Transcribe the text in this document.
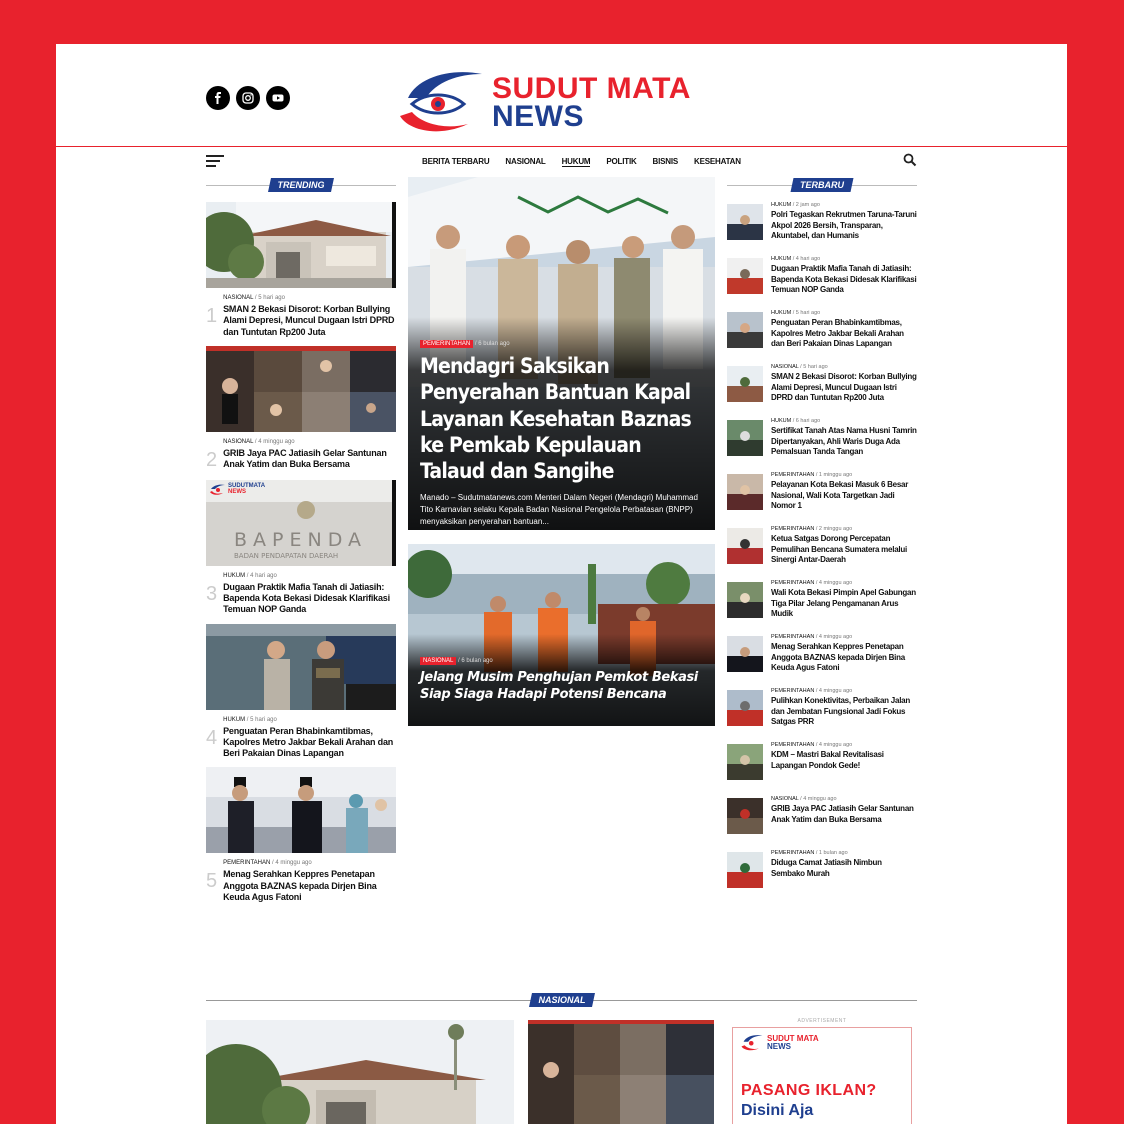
SUDUT MATA
NEWS
BERITA TERBARU NASIONAL HUKUM POLITIK BISNIS KESEHATAN
TRENDING
1
NASIONAL / 5 hari ago
SMAN 2 Bekasi Disorot: Korban Bullying Alami Depresi, Muncul Dugaan Istri DPRD dan Tuntutan Rp200 Juta
2
NASIONAL / 4 minggu ago
GRIB Jaya PAC Jatiasih Gelar Santunan Anak Yatim dan Buka Bersama
BAPENDA
BADAN PENDAPATAN DAERAH
SUDUTMATA
NEWS
3
HUKUM / 4 hari ago
Dugaan Praktik Mafia Tanah di Jatiasih: Bapenda Kota Bekasi Didesak Klarifikasi Temuan NOP Ganda
4
HUKUM / 5 hari ago
Penguatan Peran Bhabinkamtibmas, Kapolres Metro Jakbar Bekali Arahan dan Beri Pakaian Dinas Lapangan
5
PEMERINTAHAN / 4 minggu ago
Menag Serahkan Keppres Penetapan Anggota BAZNAS kepada Dirjen Bina Keuda Agus Fatoni
PEMERINTAHAN / 6 bulan ago
Mendagri Saksikan Penyerahan Bantuan Kapal Layanan Kesehatan Baznas ke Pemkab Kepulauan Talaud dan Sangihe
Manado – Sudutmatanews.com Menteri Dalam Negeri (Mendagri) Muhammad Tito Karnavian selaku Kepala Badan Nasional Pengelola Perbatasan (BNPP) menyaksikan penyerahan bantuan...
NASIONAL / 6 bulan ago
Jelang Musim Penghujan Pemkot Bekasi Siap Siaga Hadapi Potensi Bencana
TERBARU
HUKUM / 2 jam ago
Polri Tegaskan Rekrutmen Taruna-Taruni Akpol 2026 Bersih, Transparan, Akuntabel, dan Humanis
HUKUM / 4 hari ago
Dugaan Praktik Mafia Tanah di Jatiasih: Bapenda Kota Bekasi Didesak Klarifikasi Temuan NOP Ganda
HUKUM / 5 hari ago
Penguatan Peran Bhabinkamtibmas, Kapolres Metro Jakbar Bekali Arahan dan Beri Pakaian Dinas Lapangan
NASIONAL / 5 hari ago
SMAN 2 Bekasi Disorot: Korban Bullying Alami Depresi, Muncul Dugaan Istri DPRD dan Tuntutan Rp200 Juta
HUKUM / 6 hari ago
Sertifikat Tanah Atas Nama Husni Tamrin Dipertanyakan, Ahli Waris Duga Ada Pemalsuan Tanda Tangan
PEMERINTAHAN / 1 minggu ago
Pelayanan Kota Bekasi Masuk 6 Besar Nasional, Wali Kota Targetkan Jadi Nomor 1
PEMERINTAHAN / 2 minggu ago
Ketua Satgas Dorong Percepatan Pemulihan Bencana Sumatera melalui Sinergi Antar-Daerah
PEMERINTAHAN / 4 minggu ago
Wali Kota Bekasi Pimpin Apel Gabungan Tiga Pilar Jelang Pengamanan Arus Mudik
PEMERINTAHAN / 4 minggu ago
Menag Serahkan Keppres Penetapan Anggota BAZNAS kepada Dirjen Bina Keuda Agus Fatoni
PEMERINTAHAN / 4 minggu ago
Pulihkan Konektivitas, Perbaikan Jalan dan Jembatan Fungsional Jadi Fokus Satgas PRR
PEMERINTAHAN / 4 minggu ago
KDM – Mastri Bakal Revitalisasi Lapangan Pondok Gede!
NASIONAL / 4 minggu ago
GRIB Jaya PAC Jatiasih Gelar Santunan Anak Yatim dan Buka Bersama
PEMERINTAHAN / 1 bulan ago
Diduga Camat Jatiasih Nimbun Sembako Murah
NASIONAL
ADVERTISEMENT
SUDUT MATA
NEWS
PASANG IKLAN?
Disini Aja
